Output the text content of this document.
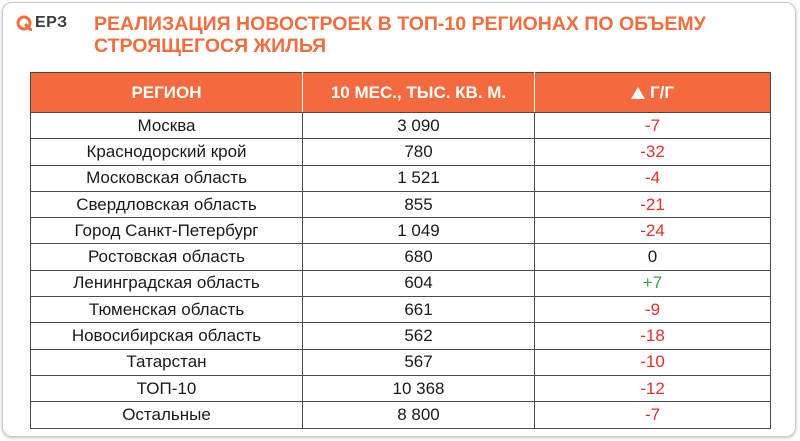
ЕРЗ РЕАЛИЗАЦИЯ НОВОСТРОЕК В ТОП-10 РЕГИОНАХ ПО ОБЪЕМУ СТРОЯЩЕГОСЯ ЖИЛЬЯ
РЕГИОН	10 МЕС., ТЫС. КВ. М.	Г/Г
Москва	3 090	-7
Краснодорский крой	780	-32
Московская область	1 521	-4
Свердловская область	855	-21
Город Санкт-Петербург	1 049	-24
Ростовская область	680	0
Ленинградская область	604	+7
Тюменская область	661	-9
Новосибирская область	562	-18
Татарстан	567	-10
ТОП-10	10 368	-12
Остальные	8 800	-7
